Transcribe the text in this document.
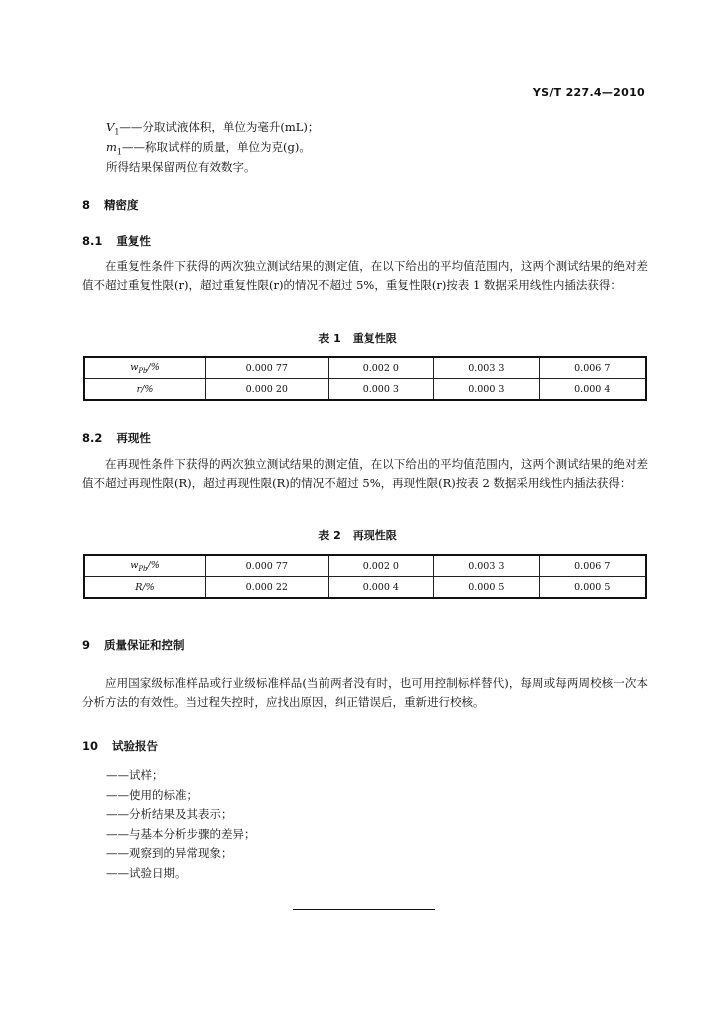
YS/T 227.4—2010
$V_1——$分取试液体积，单位为毫升(mL)；
$m_1——$称取试样的质量，单位为克(g)。
所得结果保留两位有效数字。
8 精密度
8.1 重复性
在重复性条件下获得的两次独立测试结果的测定值，在以下给出的平均值范围内，这两个测试结果的绝对差值不超过重复性限(r)，超过重复性限(r)的情况不超过 5%，重复性限(r)按表 1 数据采用线性内插法获得：
表 1 重复性限
$w_{Pb}/\%$	0.000 77	0.002 0	0.003 3	0.006 7
r/%	0.000 20	0.000 3	0.000 3	0.000 4
8.2 再现性
在再现性条件下获得的两次独立测试结果的测定值，在以下给出的平均值范围内，这两个测试结果的绝对差值不超过再现性限(R)，超过再现性限(R)的情况不超过 5%，再现性限(R)按表 2 数据采用线性内插法获得：
表 2 再现性限
$w_{Pb}/\%$	0.000 77	0.002 0	0.003 3	0.006 7
R/%	0.000 22	0.000 4	0.000 5	0.000 5
9 质量保证和控制
应用国家级标准样品或行业级标准样品(当前两者没有时，也可用控制标样替代)，每周或每两周校核一次本分析方法的有效性。当过程失控时，应找出原因，纠正错误后，重新进行校核。
10 试验报告
——试样；
——使用的标准；
——分析结果及其表示；
——与基本分析步骤的差异；
——观察到的异常现象；
——试验日期。
